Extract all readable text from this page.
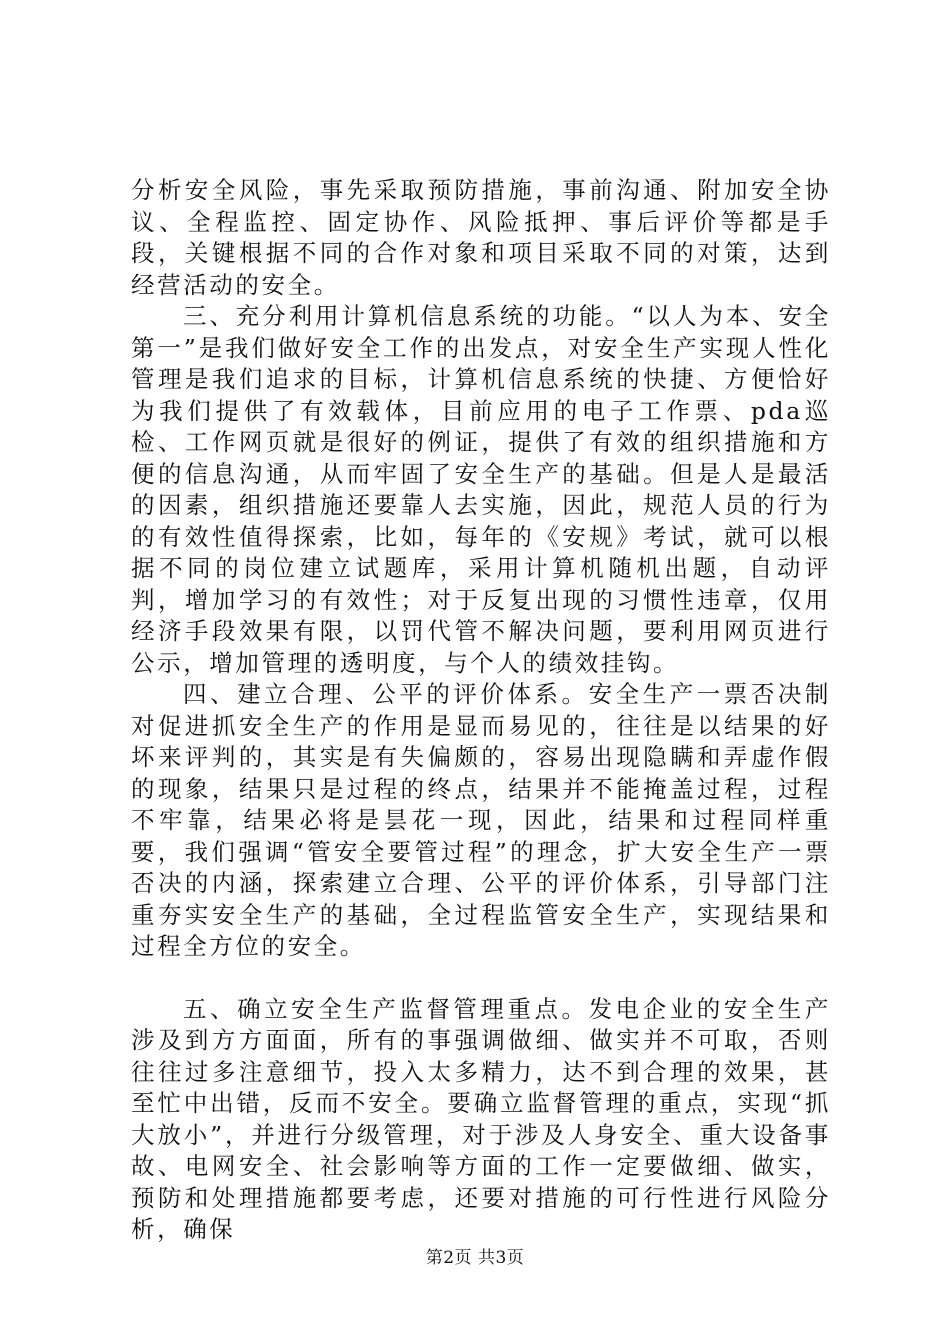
分析安全风险，事先采取预防措施，事前沟通、附加安全协议、全程监控、固定协作、风险抵押、事后评价等都是手段，关键根据不同的合作对象和项目采取不同的对策，达到经营活动的安全。

三、充分利用计算机信息系统的功能。“以人为本、安全第一”是我们做好安全工作的出发点，对安全生产实现人性化管理是我们追求的目标，计算机信息系统的快捷、方便恰好为我们提供了有效载体，目前应用的电子工作票、pda巡检、工作网页就是很好的例证，提供了有效的组织措施和方便的信息沟通，从而牢固了安全生产的基础。但是人是最活的因素，组织措施还要靠人去实施，因此，规范人员的行为的有效性值得探索，比如，每年的《安规》考试，就可以根据不同的岗位建立试题库，采用计算机随机出题，自动评判，增加学习的有效性；对于反复出现的习惯性违章，仅用经济手段效果有限，以罚代管不解决问题，要利用网页进行公示，增加管理的透明度，与个人的绩效挂钩。

四、建立合理、公平的评价体系。安全生产一票否决制对促进抓安全生产的作用是显而易见的，往往是以结果的好坏来评判的，其实是有失偏颇的，容易出现隐瞒和弄虚作假的现象，结果只是过程的终点，结果并不能掩盖过程，过程不牢靠，结果必将是昙花一现，因此，结果和过程同样重要，我们强调“管安全要管过程”的理念，扩大安全生产一票否决的内涵，探索建立合理、公平的评价体系，引导部门注重夯实安全生产的基础，全过程监管安全生产，实现结果和过程全方位的安全。

五、确立安全生产监督管理重点。发电企业的安全生产涉及到方方面面，所有的事强调做细、做实并不可取，否则往往过多注意细节，投入太多精力，达不到合理的效果，甚至忙中出错，反而不安全。要确立监督管理的重点，实现“抓大放小”，并进行分级管理，对于涉及人身安全、重大设备事故、电网安全、社会影响等方面的工作一定要做细、做实，预防和处理措施都要考虑，还要对措施的可行性进行风险分析，确保

第2页 共3页
